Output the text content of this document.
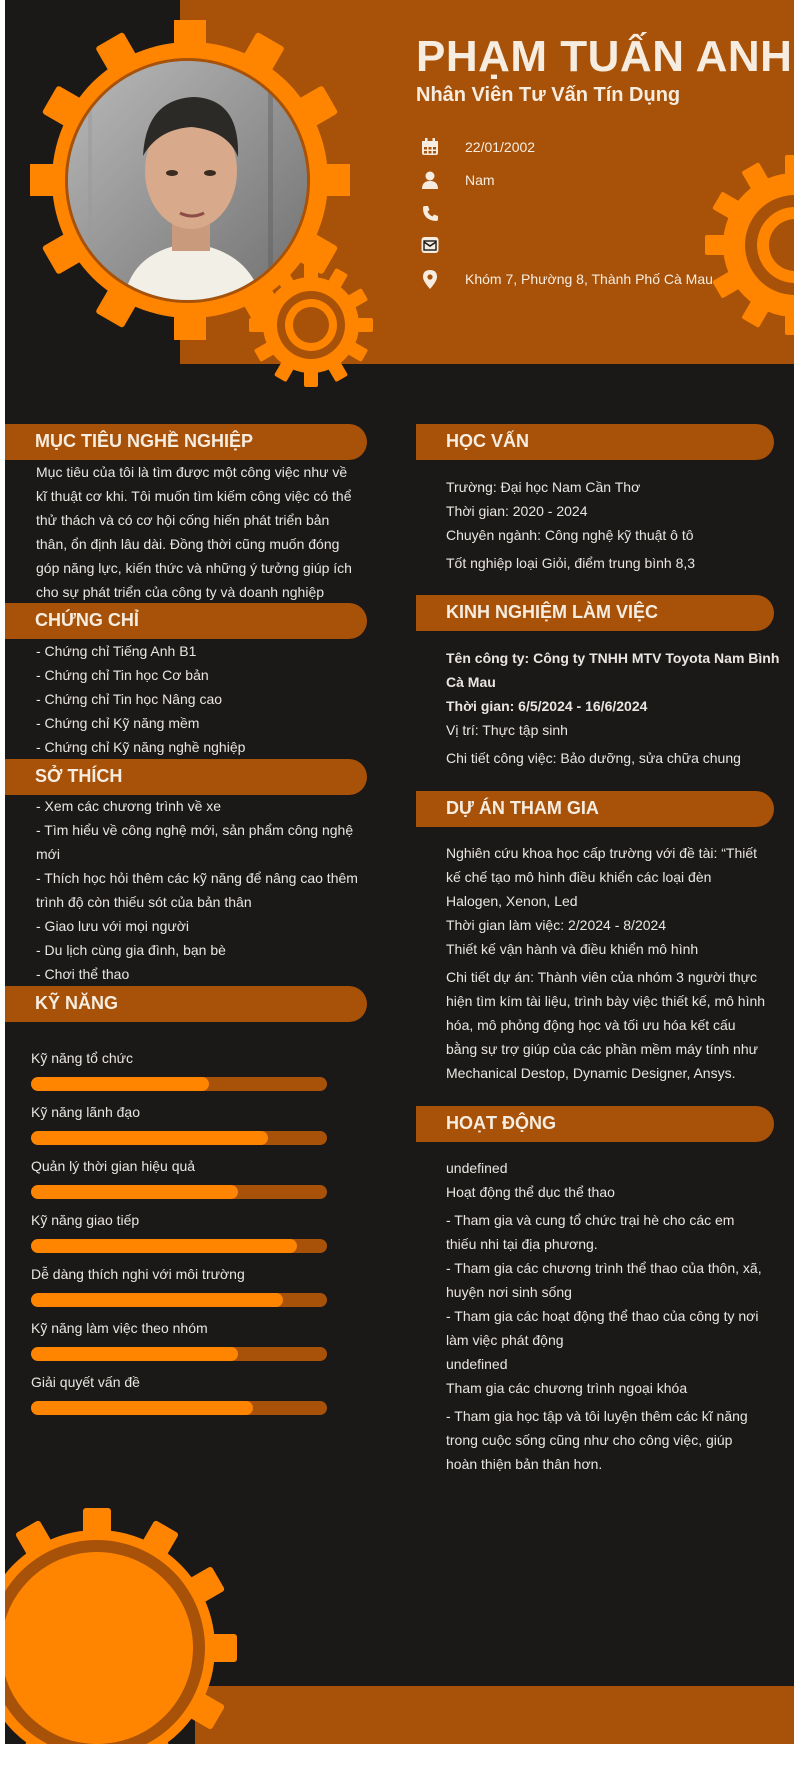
PHẠM TUẤN ANH
Nhân Viên Tư Vấn Tín Dụng
22/01/2002
Nam
Khóm 7, Phường 8, Thành Phố Cà Mau
MỤC TIÊU NGHỀ NGHIỆP
Mục tiêu của tôi là tìm được một công việc như về
kĩ thuật cơ khi. Tôi muốn tìm kiếm công việc có thể
thử thách và có cơ hội cống hiến phát triển bản
thân, ổn định lâu dài. Đồng thời cũng muốn đóng
góp năng lực, kiến thức và những ý tưởng giúp ích
cho sự phát triển của công ty và doanh nghiệp
CHỨNG CHỈ
- Chứng chỉ Tiếng Anh B1
- Chứng chỉ Tin học Cơ bản
- Chứng chỉ Tin học Nâng cao
- Chứng chỉ Kỹ năng mềm
- Chứng chỉ Kỹ năng nghề nghiệp
SỞ THÍCH
- Xem các chương trình về xe
- Tìm hiểu về công nghệ mới, sản phẩm công nghệ
mới
- Thích học hỏi thêm các kỹ năng để nâng cao thêm
trình độ còn thiếu sót của bản thân
- Giao lưu với mọi người
- Du lịch cùng gia đình, bạn bè
- Chơi thể thao
KỸ NĂNG
HỌC VẤN
Trường: Đại học Nam Cần Thơ
Thời gian: 2020 - 2024
Chuyên ngành: Công nghệ kỹ thuật ô tô
Tốt nghiệp loại Giỏi, điểm trung bình 8,3
KINH NGHIỆM LÀM VIỆC
Tên công ty: Công ty TNHH MTV Toyota Nam Bình
Cà Mau
Thời gian: 6/5/2024 - 16/6/2024
Vị trí: Thực tập sinh
Chi tiết công việc: Bảo dưỡng, sửa chữa chung
DỰ ÁN THAM GIA
Nghiên cứu khoa học cấp trường với đề tài: “Thiết
kế chế tạo mô hình điều khiển các loại đèn
Halogen, Xenon, Led
Thời gian làm việc: 2/2024 - 8/2024
Thiết kế vận hành và điều khiển mô hình
Chi tiết dự án: Thành viên của nhóm 3 người thực
hiện tìm kím tài liệu, trình bày việc thiết kế, mô hình
hóa, mô phỏng động học và tối ưu hóa kết cấu
bằng sự trợ giúp của các phần mềm máy tính như
Mechanical Destop, Dynamic Designer, Ansys.
HOẠT ĐỘNG
undefined
Hoạt động thể dục thể thao
- Tham gia và cung tổ chức trại hè cho các em
thiếu nhi tại địa phương.
- Tham gia các chương trình thể thao của thôn, xã,
huyện nơi sinh sống
- Tham gia các hoạt động thể thao của công ty nơi
làm việc phát động
undefined
Tham gia các chương trình ngoại khóa
- Tham gia học tập và tôi luyện thêm các kĩ năng
trong cuộc sống cũng như cho công việc, giúp
hoàn thiện bản thân hơn.
Kỹ năng tổ chức
Kỹ năng lãnh đạo
Quản lý thời gian hiệu quả
Kỹ năng giao tiếp
Dễ dàng thích nghi với môi trường
Kỹ năng làm việc theo nhóm
Giải quyết vấn đề
